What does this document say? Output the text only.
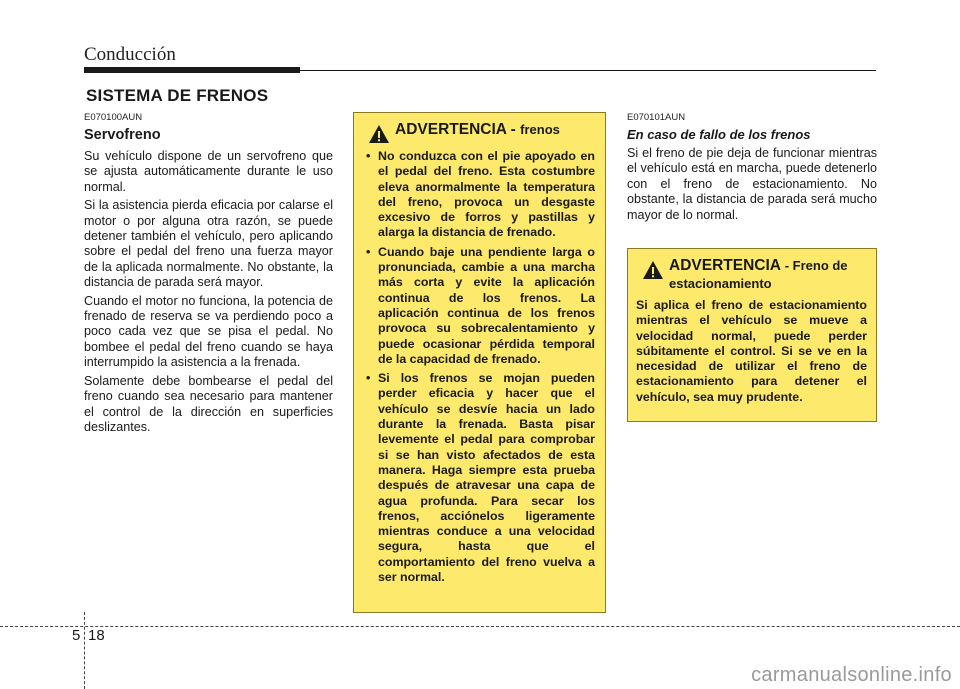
Conducción
SISTEMA DE FRENOS
E070100AUN
Servofreno

Su vehículo dispone de un servofreno que se ajusta automáticamente durante le uso normal.

Si la asistencia pierda eficacia por calarse el motor o por alguna otra razón, se puede detener también el vehículo, pero aplicando sobre el pedal del freno una fuerza mayor de la aplicada normalmente. No obstante, la distancia de parada será mayor.

Cuando el motor no funciona, la potencia de frenado de reserva se va perdiendo poco a poco cada vez que se pisa el pedal. No bombee el pedal del freno cuando se haya interrumpido la asistencia a la frenada.

Solamente debe bombearse el pedal del freno cuando sea necesario para mantener el control de la dirección en superficies deslizantes.

ADVERTENCIA - frenos
• No conduzca con el pie apoyado en el pedal del freno. Esta costumbre eleva anormalmente la temperatura del freno, provoca un desgaste excesivo de forros y pastillas y alarga la distancia de frenado.
• Cuando baje una pendiente larga o pronunciada, cambie a una marcha más corta y evite la aplicación continua de los frenos. La aplicación continua de los frenos provoca su sobrecalentamiento y puede ocasionar pérdida temporal de la capacidad de frenado.
• Si los frenos se mojan pueden perder eficacia y hacer que el vehículo se desvíe hacia un lado durante la frenada. Basta pisar levemente el pedal para comprobar si se han visto afectados de esta manera. Haga siempre esta prueba después de atravesar una capa de agua profunda. Para secar los frenos, acciónelos ligeramente mientras conduce a una velocidad segura, hasta que el comportamiento del freno vuelva a ser normal.
E070101AUN
En caso de fallo de los frenos

Si el freno de pie deja de funcionar mientras el vehículo está en marcha, puede detenerlo con el freno de estacionamiento. No obstante, la distancia de parada será mucho mayor de lo normal.

ADVERTENCIA - Freno de estacionamiento

Si aplica el freno de estacionamiento mientras el vehículo se mueve a velocidad normal, puede perder súbitamente el control. Si se ve en la necesidad de utilizar el freno de estacionamiento para detener el vehículo, sea muy prudente.

5 18
carmanualsonline.info
